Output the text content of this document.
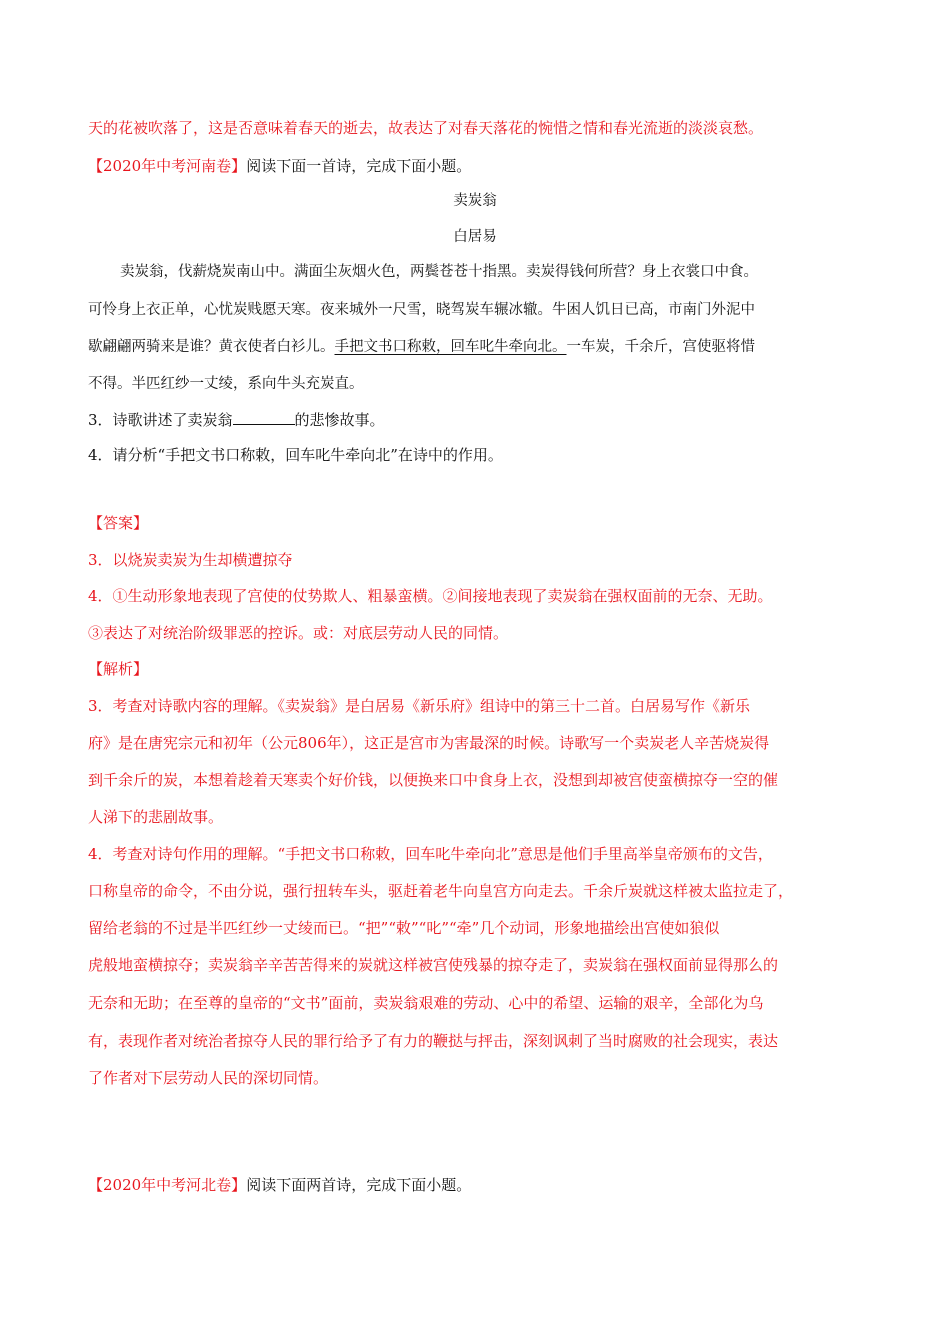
天的花被吹落了，这是否意味着春天的逝去，故表达了对春天落花的惋惜之情和春光流逝的淡淡哀愁。
【2020年中考河南卷】阅读下面一首诗，完成下面小题。
卖炭翁
白居易
卖炭翁，伐薪烧炭南山中。满面尘灰烟火色，两鬓苍苍十指黑。卖炭得钱何所营？身上衣裳口中食。
可怜身上衣正单，心忧炭贱愿天寒。夜来城外一尺雪，晓驾炭车辗冰辙。牛困人饥日已高，市南门外泥中
歇翩翩两骑来是谁？黄衣使者白衫儿。手把文书口称敕，回车叱牛牵向北。一车炭，千余斤，宫使驱将惜
不得。半匹红纱一丈绫，系向牛头充炭直。
3．诗歌讲述了卖炭翁	的悲惨故事。
4．请分析“手把文书口称敕，回车叱牛牵向北”在诗中的作用。
【答案】
3．以烧炭卖炭为生却横遭掠夺
4．①生动形象地表现了宫使的仗势欺人、粗暴蛮横。②间接地表现了卖炭翁在强权面前的无奈、无助。
③表达了对统治阶级罪恶的控诉。或：对底层劳动人民的同情。
【解析】
3．考查对诗歌内容的理解。《卖炭翁》是白居易《新乐府》组诗中的第三十二首。白居易写作《新乐
府》是在唐宪宗元和初年（公元806年），这正是宫市为害最深的时候。诗歌写一个卖炭老人辛苦烧炭得
到千余斤的炭，本想着趁着天寒卖个好价钱，以便换来口中食身上衣，没想到却被宫使蛮横掠夺一空的催
人涕下的悲剧故事。
4．考查对诗句作用的理解。“手把文书口称敕，回车叱牛牵向北”意思是他们手里高举皇帝颁布的文告，
口称皇帝的命令，不由分说，强行扭转车头，驱赶着老牛向皇宫方向走去。千余斤炭就这样被太监拉走了，
留给老翁的不过是半匹红纱一丈绫而已。“把”“敕”“叱”“牵”几个动词，形象地描绘出宫使如狼似
虎般地蛮横掠夺；卖炭翁辛辛苦苦得来的炭就这样被宫使残暴的掠夺走了，卖炭翁在强权面前显得那么的
无奈和无助；在至尊的皇帝的“文书”面前，卖炭翁艰难的劳动、心中的希望、运输的艰辛，全部化为乌
有，表现作者对统治者掠夺人民的罪行给予了有力的鞭挞与抨击，深刻讽刺了当时腐败的社会现实，表达
了作者对下层劳动人民的深切同情。
【2020年中考河北卷】阅读下面两首诗，完成下面小题。
